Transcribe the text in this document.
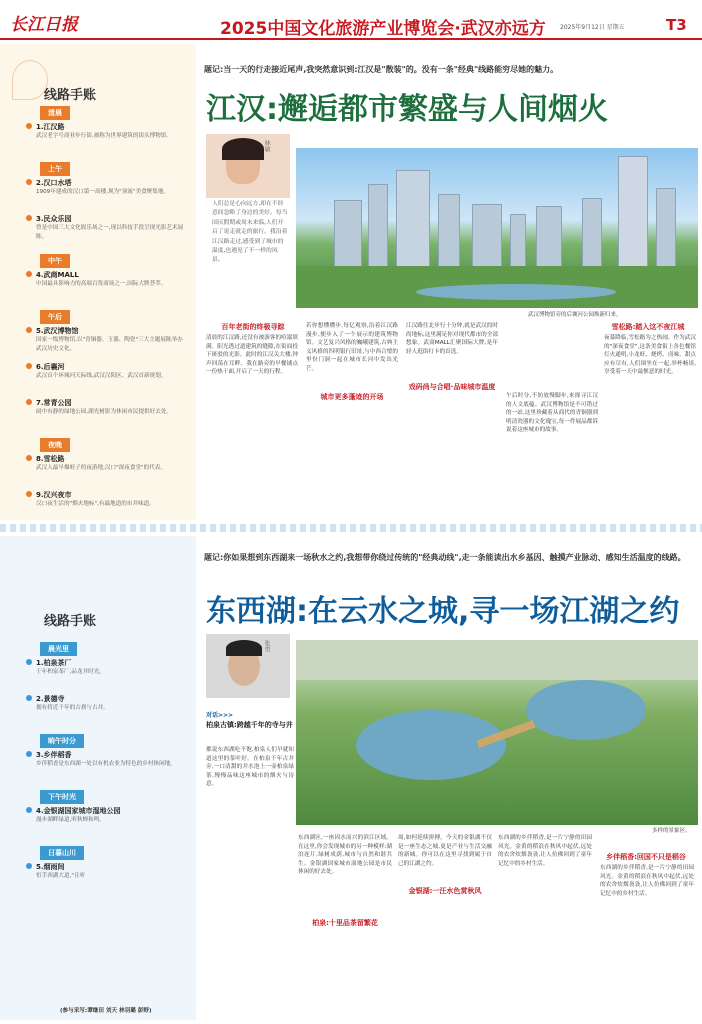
长江日报	2025中国文化旅游产业博览会·武汉亦远方 2025年9月12日 星期五	T3
线路手账
清晨
1.江汉路
武汉老字号商业步行街,被称为世界建筑的街头博物馆。
上午
2.汉口水塔
1909年建成的汉口第一高楼,现为"顶流"美食聚集地。
3.民众乐园
曾是中国三大文化娱乐场之一,现以科技手段呈现光影艺术展陈。
中午
4.武商MALL
中国最具影响力的高端百货商场之一,国际大牌荟萃。
午后
5.武汉博物馆
国家一级博物馆,以"青铜器、玉器、陶瓷"三大主题展陈举办武汉历史文化。
6.后襄河
武汉首个环城河天际线,武汉汉阳区、武汉首新规划。
7.常青公园
闹中有静的绿地公园,湖光树影为休闲市民提供好去处。
夜晚
8.雪松路
武汉人最早爆虾子的夜游地,汉口"深夜食堂"的代表。
9.汉兴夜市
汉口夜生活的"烟火地标",有最地道的市井味道。
题记:当一天的行走接近尾声,我突然意识到:江汉是"散装"的。没有一条"经典"线路能穷尽她的魅力。
江汉:邂逅都市繁盛与人间烟火
林敏
人们总是心向远方,却在不经意间忽略了身边的美好。每当国庆假期或周末来临,人们开启了说走就走的旅行。我沿着江汉路走过,感受到了城市的温度,也遇见了不一样的风景。
武汉博物馆旁的后襄河公园焕新归来。
百年老街的终极寻踪
清晨的江汉路,还没有被游客的喧嚣填满。阳光透过道建筑的缝隙,在街面投下斑驳的光影。此时的江汉关大楼,钟声回荡在耳畔。我在路旁的早餐铺点一份热干面,开启了一天的行程。
若你想懂懂步,每亿观察,沿着江汉路漫步,便步入了一个展示的建筑博物馆。文艺复兴风格的巍峨建筑,古典主义风格的四明银行旧址,与中西合璧的里份门洞一起在城市长河中发出光芒。
城市更多蓬迹的开场
江汉路往北步行十分钟,就是武汉的时尚地标,这里满足你对现代都市的全部想象。武商MALL汇聚国际大牌,是年轻人逛街打卡的首选。
戏码尚与合唱·品味城市温度
午后时分,不妨放慢脚步,来探寻江汉的人文底蕴。武汉博物馆是不可错过的一站,这里珍藏着从商代的青铜器到明清瓷器的文化瑰宝,每一件展品都诉说着这座城市的故事。
雪松路:踏入这不夜江城
夜幕降临,雪松路为之热闹。作为武汉的"深夜食堂",这条美食街上各色餐馆灯火通明,小龙虾、烧烤、卤味、甜点应有尽有,人们围坐在一起,举杯畅谈,享受着一天中最惬意的时光。
线路手账
晨光里
1.柏泉茶厂
千年柏泉茶厂,品龙井时光。
2.景德寺
拥有将近千年的古刹与古井。
晌午时分
3.乡伴稻香
乡伴稻香是东西湖一处以有机农业为特色的乡村休闲地。
下午时光
4.金银湖国家城市湿地公园
漫步湖畔绿道,听秋蝉和鸣。
日暮山川
5.烟雨间
恒手西湖大道,"且听
(参与采写:谭继田 刘天 林羽璐 彭野)
题记:你如果想到东西湖来一场秋水之约,我想带你绕过传统的"经典动线",走一条能读出水乡基因、触摸产业脉动、感知生活温度的线路。
东西湖:在云水之城,寻一场江湖之约
张勇
对话>>>
柏泉古镇:跨越千年的寺与井
都说东西湖吃不饱,柏泉人们早就知道这里的茶叶好。在柏泉千年古井旁,一口清甜的井水泡上一壶柏泉绿茶,慢慢品味这座城市的烟火与诗意。
多样的景象区。
东西湖区,一座因水而兴的滨江区域。在这里,你会发现城市的另一种模样:湖泊连片,绿树成荫,城市与自然和谐共生。金银湖国家城市湿地公园是市民休闲的好去处。
柏泉:十里品茶留繁花
周,如何延续拼搏。今天的金银湖不仅是一座生态之城,更是产业与生活交融的新城。你可以在这里寻找到属于自己的江湖之约。
金银湖:一汪水色赏秋风
东西湖的乡伴稻香,是一片宁静的田园风光。金黄的稻浪在秋风中起伏,远处的农舍炊烟袅袅,让人仿佛回到了童年记忆中的乡村生活。
乡伴稻香:回国不只是稻谷
东西湖的乡伴稻香,是一片宁静的田园风光。金黄的稻浪在秋风中起伏,远处的农舍炊烟袅袅,让人仿佛回到了童年记忆中的乡村生活。
